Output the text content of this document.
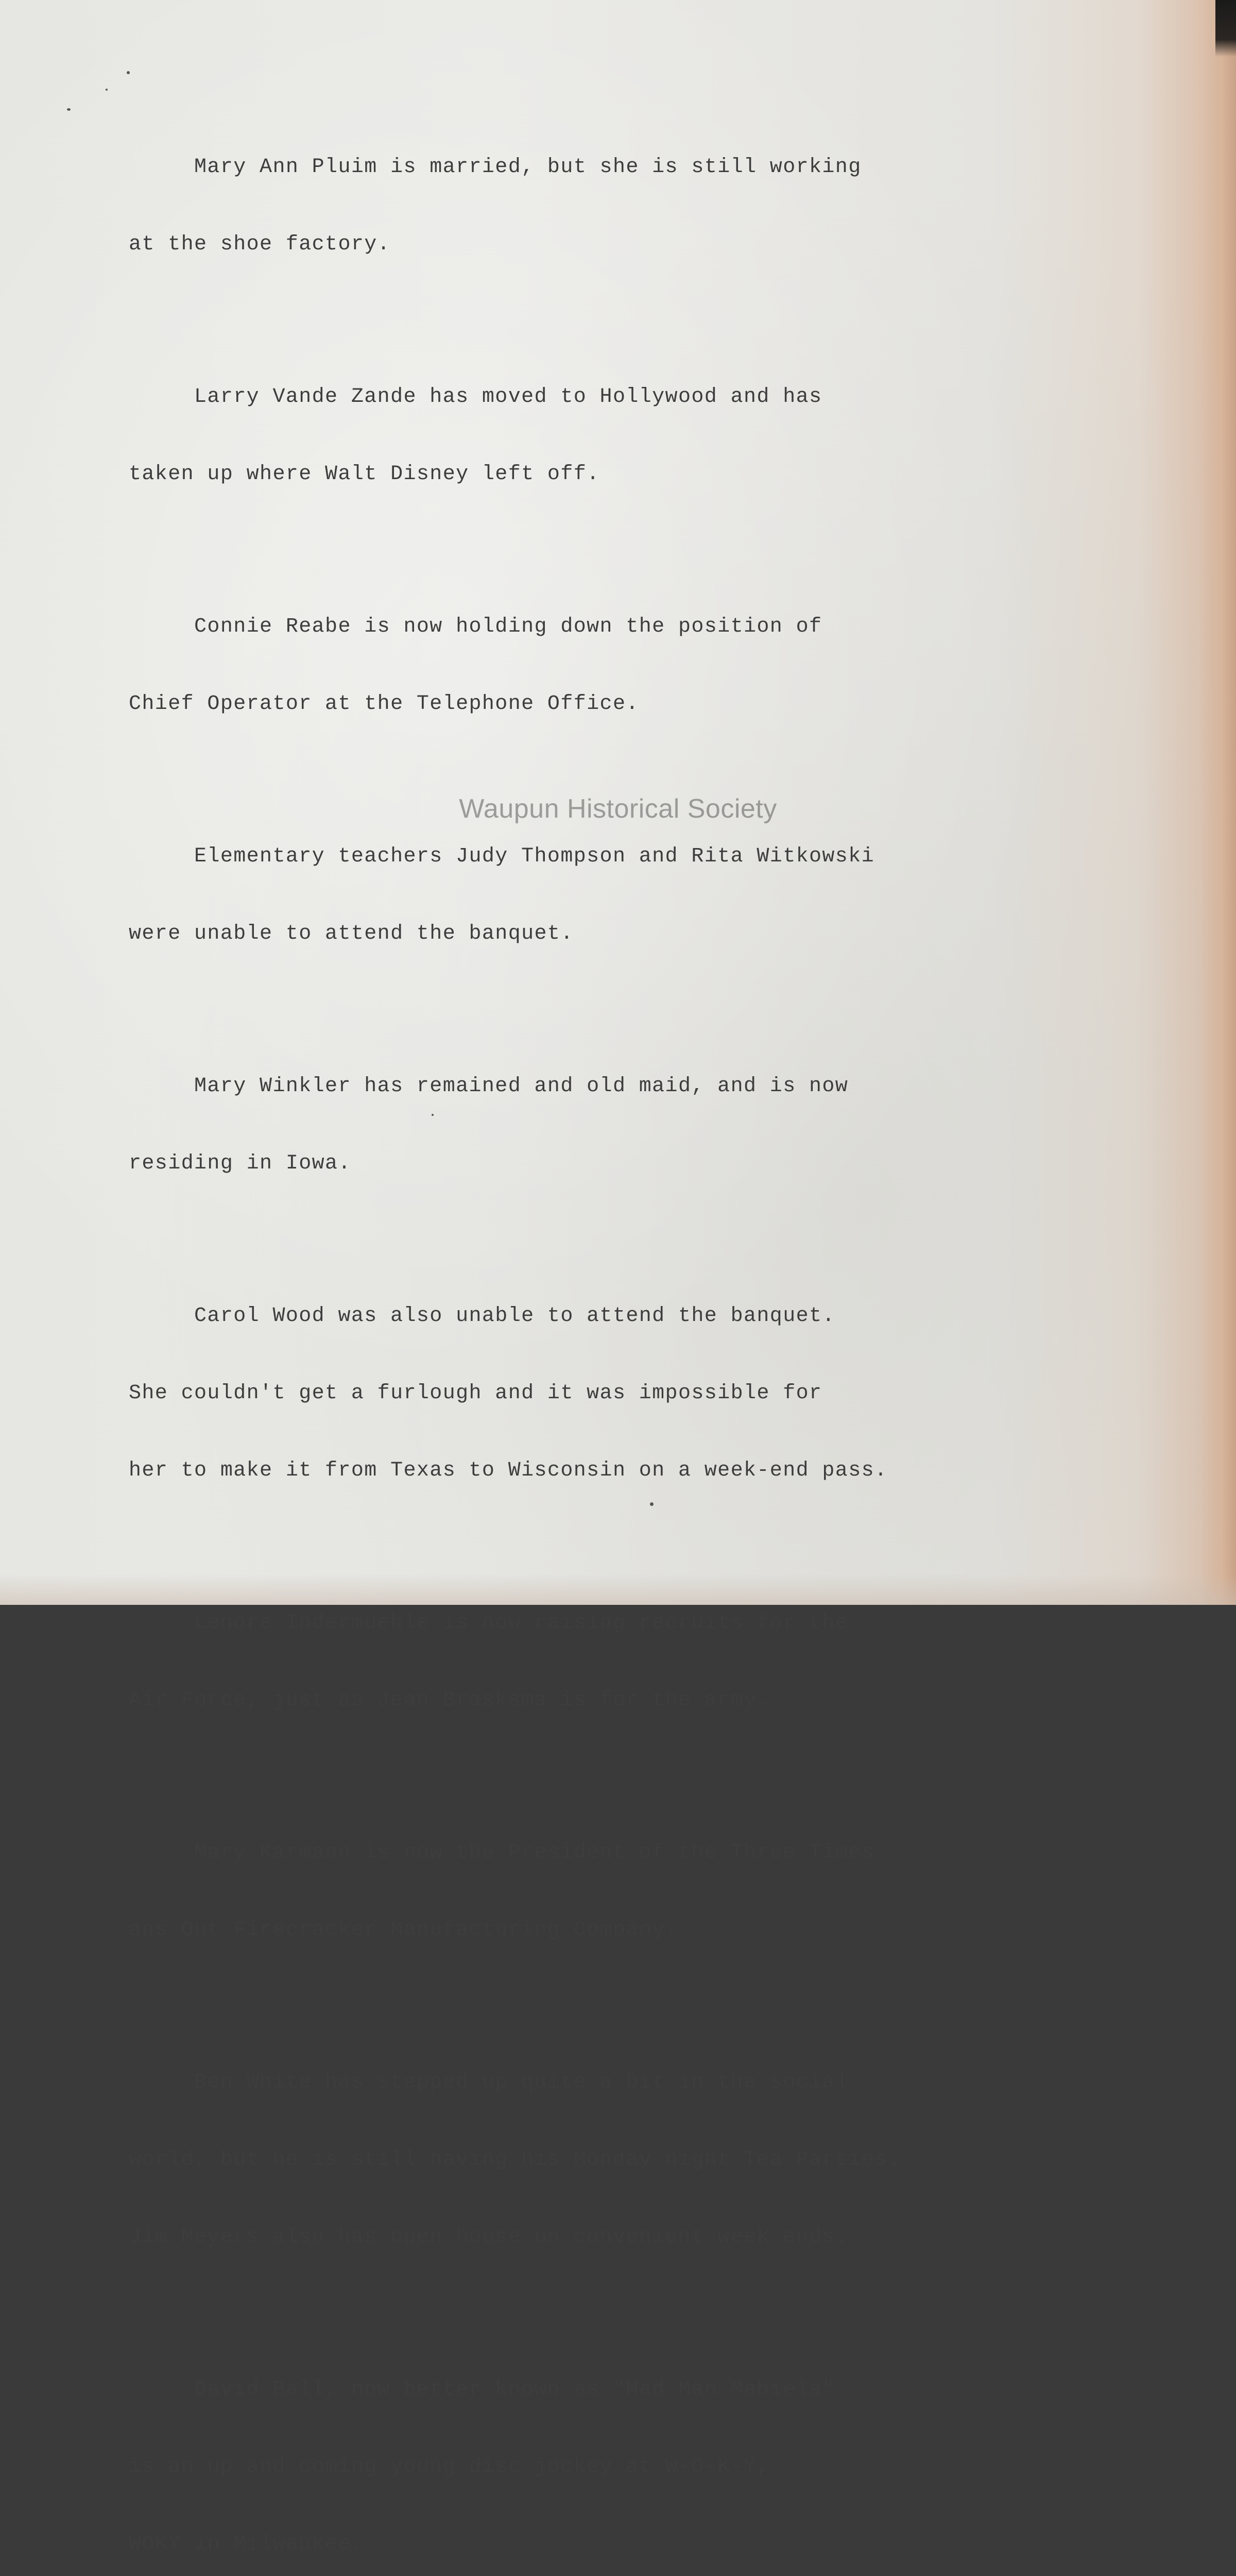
Mary Ann Pluim is married, but she is still working

at the shoe factory.

Larry Vande Zande has moved to Hollywood and has

taken up where Walt Disney left off.

Connie Reabe is now holding down the position of

Chief Operator at the Telephone Office.

Elementary teachers Judy Thompson and Rita Witkowski

were unable to attend the banquet.

Mary Winkler has remained and old maid, and is now

residing in Iowa.

Carol Wood was also unable to attend the banquet.

She couldn't get a furlough and it was impossible for

her to make it from Texas to Wisconsin on a week-end pass.

Lenore Indermuehle is now raising recruits for the

Air Force, just as Jean Brasksma is for the army.

Mary Karmann is now the President of the Three Times

ans Out Firecracker Manufacturing Company.

Ben White has stepped up quite a bit in the social

world, but he is still having his Monday night Tea Parties.

Jim Meyers also has open house on convenient week-ends.

David Ball, now better known as "Mad Man Mahiela"

is an up and coming young disc jockey at W-O-K-Y,

WOKY in Milwaukee.

Waupun Historical Society
